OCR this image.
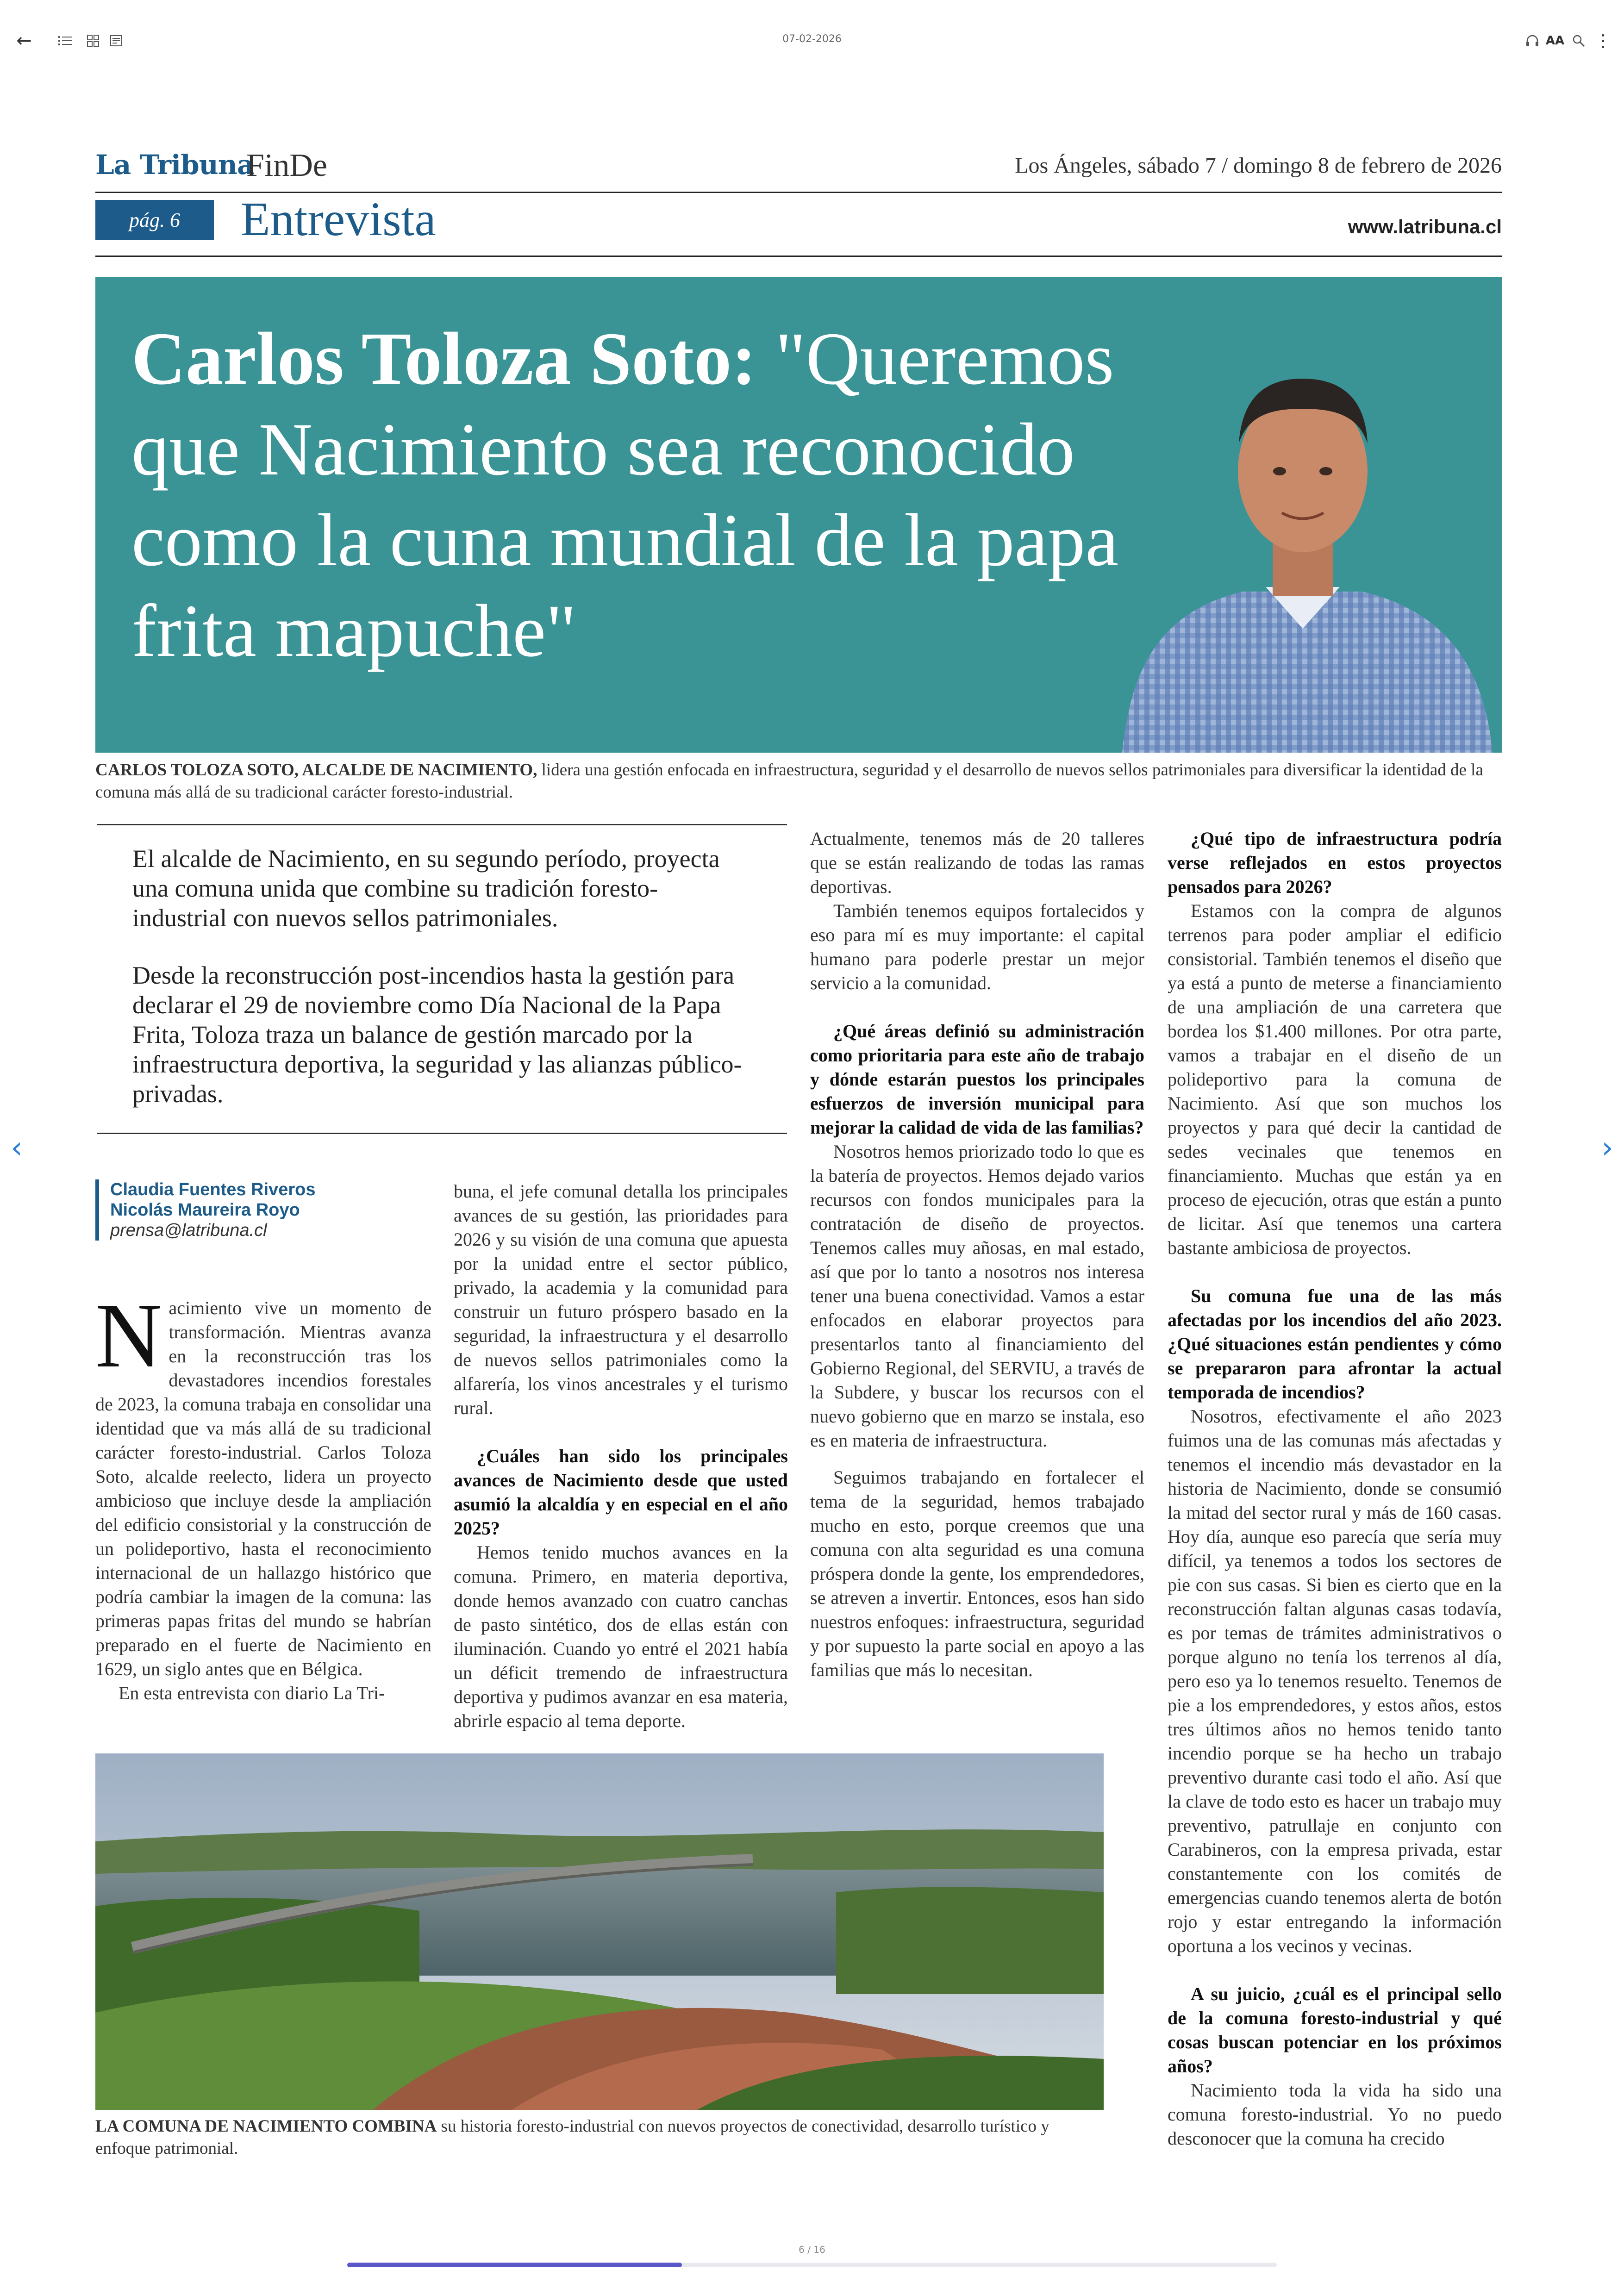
←	07-02-2026	AA ⋮
‹	›
La Tribuna
FinDe	Los Ángeles, sábado 7 / domingo 8 de febrero de 2026
pág. 6	Entrevista	www.latribuna.cl
Carlos Toloza Soto: "Queremos que Nacimiento sea reconocido como la cuna mundial de la papa frita mapuche"
CARLOS TOLOZA SOTO, ALCALDE DE NACIMIENTO, lidera una gestión enfocada en infraestructura, seguridad y el desarrollo de nuevos sellos patrimoniales para diversificar la identidad de la comuna más allá de su tradicional carácter foresto-industrial.

El alcalde de Nacimiento, en su segundo período, proyecta una comuna unida que combine su tradición foresto-industrial con nuevos sellos patrimoniales.

Desde la reconstrucción post-incendios hasta la gestión para declarar el 29 de noviembre como Día Nacional de la Papa Frita, Toloza traza un balance de gestión marcado por la infraestructura deportiva, la seguridad y las alianzas público-privadas.

Claudia Fuentes Riveros
Nicolás Maureira Royo
prensa@latribuna.cl

Nacimiento vive un momento de transformación. Mientras avanza en la reconstrucción tras los devastadores incendios forestales de 2023, la comuna trabaja en consolidar una identidad que va más allá de su tradicional carácter foresto-industrial. Carlos Toloza Soto, alcalde reelecto, lidera un proyecto ambicioso que incluye desde la ampliación del edificio consistorial y la construcción de un polideportivo, hasta el reconocimiento internacional de un hallazgo histórico que podría cambiar la imagen de la comuna: las primeras papas fritas del mundo se habrían preparado en el fuerte de Nacimiento en 1629, un siglo antes que en Bélgica.

En esta entrevista con diario La Tri-

buna, el jefe comunal detalla los principales avances de su gestión, las prioridades para 2026 y su visión de una comuna que apuesta por la unidad entre el sector público, privado, la academia y la comunidad para construir un futuro próspero basado en la seguridad, la infraestructura y el desarrollo de nuevos sellos patrimoniales como la alfarería, los vinos ancestrales y el turismo rural.

¿Cuáles han sido los principales avances de Nacimiento desde que usted asumió la alcaldía y en especial en el año 2025?

Hemos tenido muchos avances en la comuna. Primero, en materia deportiva, donde hemos avanzado con cuatro canchas de pasto sintético, dos de ellas están con iluminación. Cuando yo entré el 2021 había un déficit tremendo de infraestructura deportiva y pudimos avanzar en esa materia, abrirle espacio al tema deporte.

Actualmente, tenemos más de 20 talleres que se están realizando de todas las ramas deportivas.

También tenemos equipos fortalecidos y eso para mí es muy importante: el capital humano para poderle prestar un mejor servicio a la comunidad.

¿Qué áreas definió su administración como prioritaria para este año de trabajo y dónde estarán puestos los principales esfuerzos de inversión municipal para mejorar la calidad de vida de las familias?

Nosotros hemos priorizado todo lo que es la batería de proyectos. Hemos dejado varios recursos con fondos municipales para la contratación de diseño de proyectos. Tenemos calles muy añosas, en mal estado, así que por lo tanto a nosotros nos interesa tener una buena conectividad. Vamos a estar enfocados en elaborar proyectos para presentarlos tanto al financiamiento del Gobierno Regional, del SERVIU, a través de la Subdere, y buscar los recursos con el nuevo gobierno que en marzo se instala, eso es en materia de infraestructura.

Seguimos trabajando en fortalecer el tema de la seguridad, hemos trabajado mucho en esto, porque creemos que una comuna con alta seguridad es una comuna próspera donde la gente, los emprendedores, se atreven a invertir. Entonces, esos han sido nuestros enfoques: infraestructura, seguridad y por supuesto la parte social en apoyo a las familias que más lo necesitan.

¿Qué tipo de infraestructura podría verse reflejados en estos proyectos pensados para 2026?

Estamos con la compra de algunos terrenos para poder ampliar el edificio consistorial. También tenemos el diseño que ya está a punto de meterse a financiamiento de una ampliación de una carretera que bordea los $1.400 millones. Por otra parte, vamos a trabajar en el diseño de un polideportivo para la comuna de Nacimiento. Así que son muchos los proyectos y para qué decir la cantidad de sedes vecinales que tenemos en financiamiento. Muchas que están ya en proceso de ejecución, otras que están a punto de licitar. Así que tenemos una cartera bastante ambiciosa de proyectos.

Su comuna fue una de las más afectadas por los incendios del año 2023. ¿Qué situaciones están pendientes y cómo se prepararon para afrontar la actual temporada de incendios?

Nosotros, efectivamente el año 2023 fuimos una de las comunas más afectadas y tenemos el incendio más devastador en la historia de Nacimiento, donde se consumió la mitad del sector rural y más de 160 casas. Hoy día, aunque eso parecía que sería muy difícil, ya tenemos a todos los sectores de pie con sus casas. Si bien es cierto que en la reconstrucción faltan algunas casas todavía, es por temas de trámites administrativos o porque alguno no tenía los terrenos al día, pero eso ya lo tenemos resuelto. Tenemos de pie a los emprendedores, y estos años, estos tres últimos años no hemos tenido tanto incendio porque se ha hecho un trabajo preventivo durante casi todo el año. Así que la clave de todo esto es hacer un trabajo muy preventivo, patrullaje en conjunto con Carabineros, con la empresa privada, estar constantemente con los comités de emergencias cuando tenemos alerta de botón rojo y estar entregando la información oportuna a los vecinos y vecinas.

A su juicio, ¿cuál es el principal sello de la comuna foresto-industrial y qué cosas buscan potenciar en los próximos años?

Nacimiento toda la vida ha sido una comuna foresto-industrial. Yo no puedo desconocer que la comuna ha crecido

LA COMUNA DE NACIMIENTO COMBINA su historia foresto-industrial con nuevos proyectos de conectividad, desarrollo turístico y enfoque patrimonial.
6 / 16
